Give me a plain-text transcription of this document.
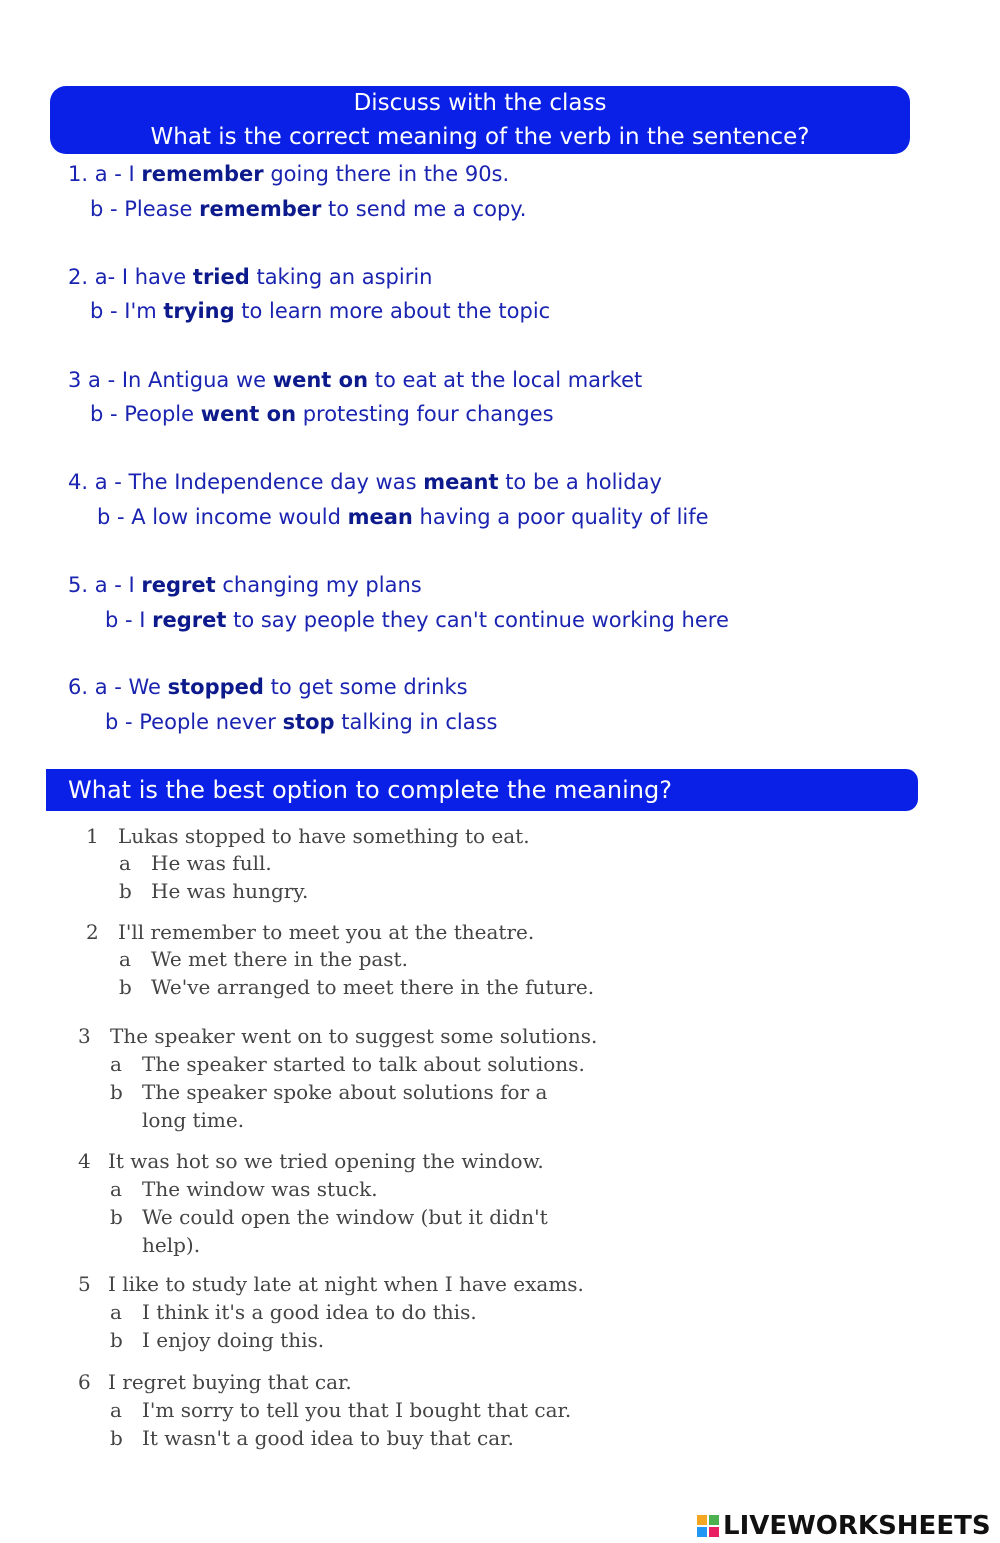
Discuss with the class
What is the correct meaning of the verb in the sentence?
1. a - I remember going there in the 90s.
b - Please remember to send me a copy.
2. a- I have tried taking an aspirin
b - I'm trying to learn more about the topic
3 a - In Antigua we went on to eat at the local market
b - People went on protesting four changes
4. a - The Independence day was meant to be a holiday
b - A low income would mean having a poor quality of life
5. a - I regret changing my plans
b - I regret to say people they can't continue working here
6. a - We stopped to get some drinks
b - People never stop talking in class
What is the best option to complete the meaning?
1 Lukas stopped to have something to eat.
a He was full.
b He was hungry.
2 I'll remember to meet you at the theatre.
a We met there in the past.
b We've arranged to meet there in the future.
3 The speaker went on to suggest some solutions.
a The speaker started to talk about solutions.
b The speaker spoke about solutions for a
long time.
4 It was hot so we tried opening the window.
a The window was stuck.
b We could open the window (but it didn't
help).
5 I like to study late at night when I have exams.
a I think it's a good idea to do this.
b I enjoy doing this.
6 I regret buying that car.
a I'm sorry to tell you that I bought that car.
b It wasn't a good idea to buy that car.
LIVEWORKSHEETS
